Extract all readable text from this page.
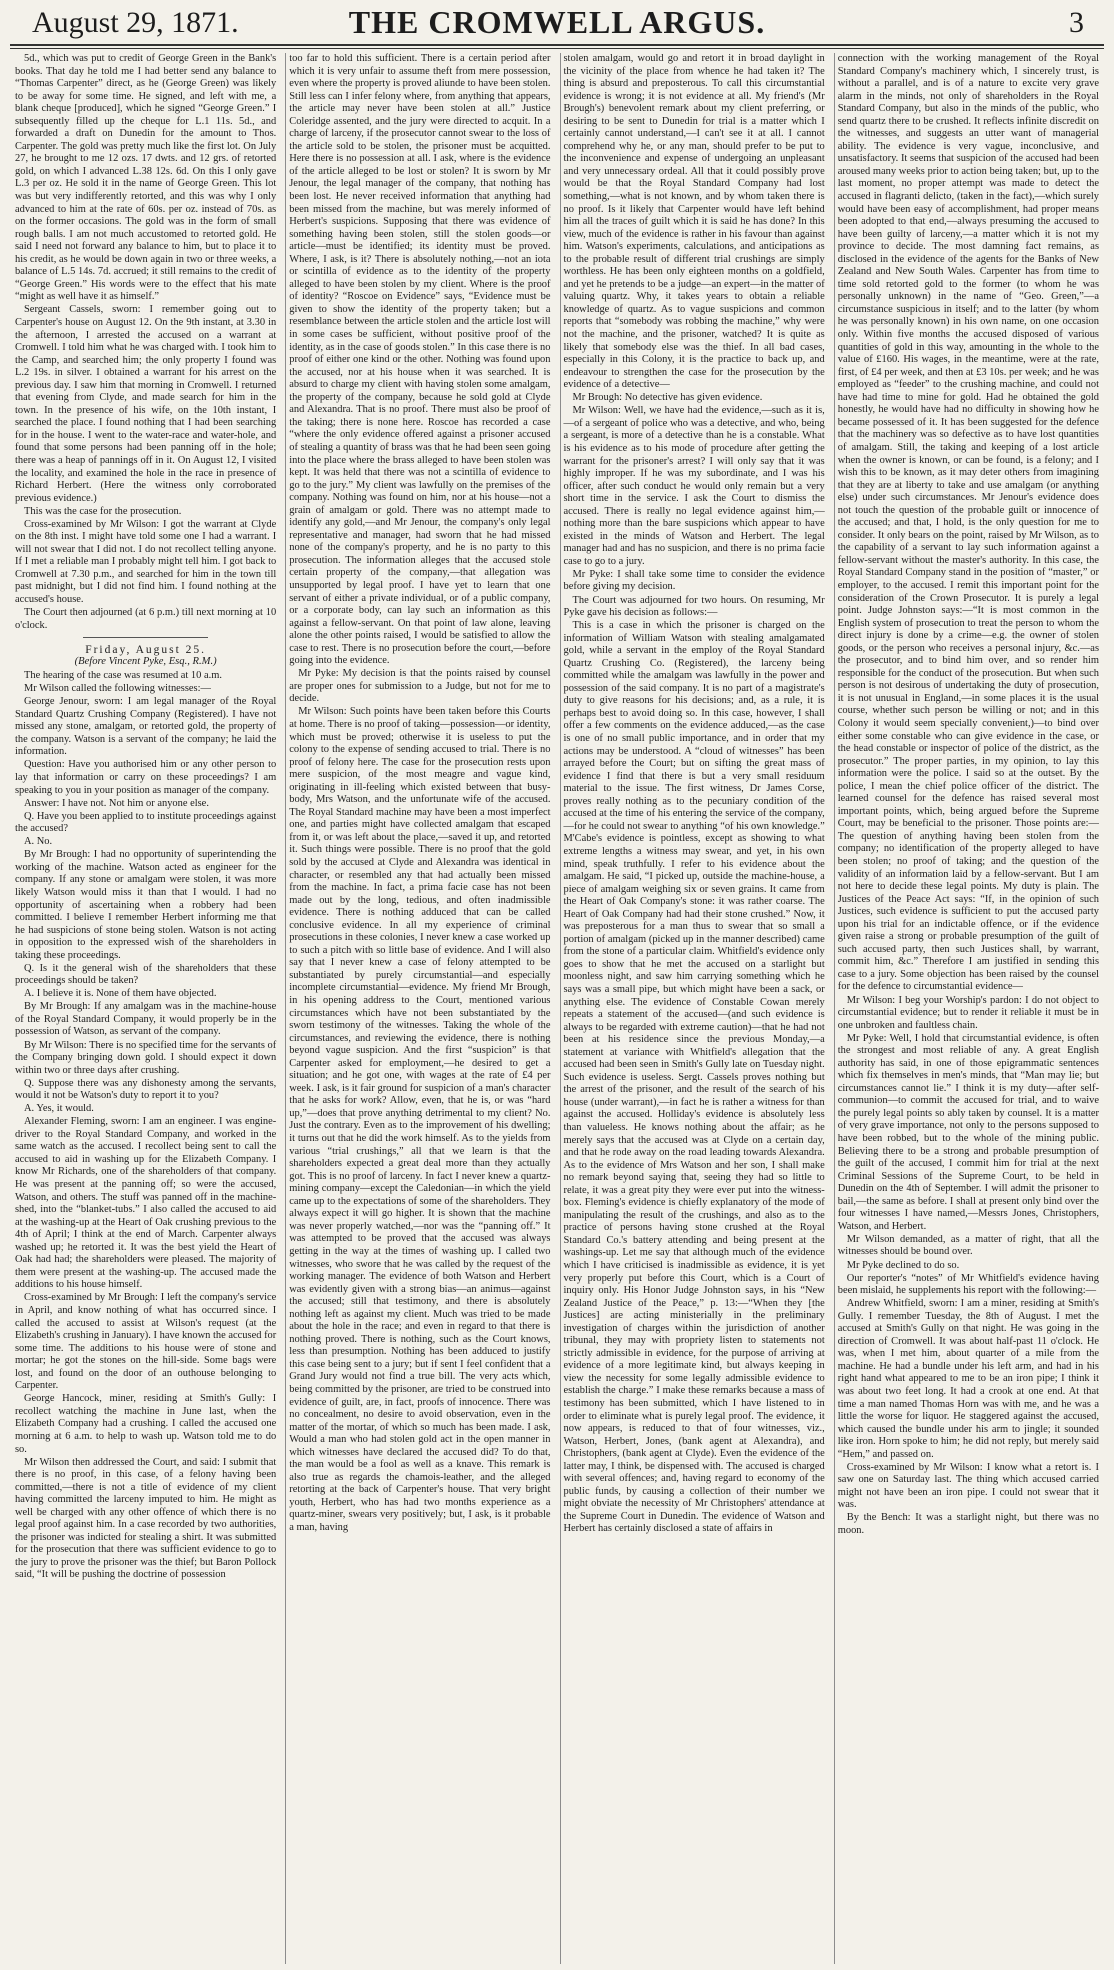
August 29, 1871.	THE CROMWELL ARGUS.	3

5d., which was put to credit of George Green in the Bank's books. That day he told me I had better send any balance to “Thomas Carpenter” direct, as he (George Green) was likely to be away for some time. He signed, and left with me, a blank cheque [produced], which he signed “George Green.” I subsequently filled up the cheque for L.1 11s. 5d., and forwarded a draft on Dunedin for the amount to Thos. Carpenter. The gold was pretty much like the first lot. On July 27, he brought to me 12 ozs. 17 dwts. and 12 grs. of retorted gold, on which I advanced L.38 12s. 6d. On this I only gave L.3 per oz. He sold it in the name of George Green. This lot was but very indifferently retorted, and this was why I only advanced to him at the rate of 60s. per oz. instead of 70s. as on the former occasions. The gold was in the form of small rough balls. I am not much accustomed to retorted gold. He said I need not forward any balance to him, but to place it to his credit, as he would be down again in two or three weeks, a balance of L.5 14s. 7d. accrued; it still remains to the credit of “George Green.” His words were to the effect that his mate “might as well have it as himself.”

Sergeant Cassels, sworn: I remember going out to Carpenter's house on August 12. On the 9th instant, at 3.30 in the afternoon, I arrested the accused on a warrant at Cromwell. I told him what he was charged with. I took him to the Camp, and searched him; the only property I found was L.2 19s. in silver. I obtained a warrant for his arrest on the previous day. I saw him that morning in Cromwell. I returned that evening from Clyde, and made search for him in the town. In the presence of his wife, on the 10th instant, I searched the place. I found nothing that I had been searching for in the house. I went to the water-race and water-hole, and found that some persons had been panning off in the hole; there was a heap of pannings off in it. On August 12, I visited the locality, and examined the hole in the race in presence of Richard Herbert. (Here the witness only corroborated previous evidence.)

This was the case for the prosecution.

Cross-examined by Mr Wilson: I got the warrant at Clyde on the 8th inst. I might have told some one I had a warrant. I will not swear that I did not. I do not recollect telling anyone. If I met a reliable man I probably might tell him. I got back to Cromwell at 7.30 p.m., and searched for him in the town till past midnight, but I did not find him. I found nothing at the accused's house.

The Court then adjourned (at 6 p.m.) till next morning at 10 o'clock.

Friday, August 25.
(Before Vincent Pyke, Esq., R.M.)

The hearing of the case was resumed at 10 a.m.

Mr Wilson called the following witnesses:—

George Jenour, sworn: I am legal manager of the Royal Standard Quartz Crushing Company (Registered). I have not missed any stone, amalgam, or retorted gold, the property of the company. Watson is a servant of the company; he laid the information.

Question: Have you authorised him or any other person to lay that information or carry on these proceedings? I am speaking to you in your position as manager of the company.

Answer: I have not. Not him or anyone else.

Q. Have you been applied to to institute proceedings against the accused?

A. No.

By Mr Brough: I had no opportunity of superintending the working of the machine. Watson acted as engineer for the company. If any stone or amalgam were stolen, it was more likely Watson would miss it than that I would. I had no opportunity of ascertaining when a robbery had been committed. I believe I remember Herbert informing me that he had suspicions of stone being stolen. Watson is not acting in opposition to the expressed wish of the shareholders in taking these proceedings.

Q. Is it the general wish of the shareholders that these proceedings should be taken?

A. I believe it is. None of them have objected.

By Mr Brough: If any amalgam was in the machine-house of the Royal Standard Company, it would properly be in the possession of Watson, as servant of the company.

By Mr Wilson: There is no specified time for the servants of the Company bringing down gold. I should expect it down within two or three days after crushing.

Q. Suppose there was any dishonesty among the servants, would it not be Watson's duty to report it to you?

A. Yes, it would.

Alexander Fleming, sworn: I am an engineer. I was engine-driver to the Royal Standard Company, and worked in the same watch as the accused. I recollect being sent to call the accused to aid in washing up for the Elizabeth Company. I know Mr Richards, one of the shareholders of that company. He was present at the panning off; so were the accused, Watson, and others. The stuff was panned off in the machine-shed, into the “blanket-tubs.” I also called the accused to aid at the washing-up at the Heart of Oak crushing previous to the 4th of April; I think at the end of March. Carpenter always washed up; he retorted it. It was the best yield the Heart of Oak had had; the shareholders were pleased. The majority of them were present at the washing-up. The accused made the additions to his house himself.

Cross-examined by Mr Brough: I left the company's service in April, and know nothing of what has occurred since. I called the accused to assist at Wilson's request (at the Elizabeth's crushing in January). I have known the accused for some time. The additions to his house were of stone and mortar; he got the stones on the hill-side. Some bags were lost, and found on the door of an outhouse belonging to Carpenter.

George Hancock, miner, residing at Smith's Gully: I recollect watching the machine in June last, when the Elizabeth Company had a crushing. I called the accused one morning at 6 a.m. to help to wash up. Watson told me to do so.

Mr Wilson then addressed the Court, and said: I submit that there is no proof, in this case, of a felony having been committed,—there is not a title of evidence of my client having committed the larceny imputed to him. He might as well be charged with any other offence of which there is no legal proof against him. In a case recorded by two authorities, the prisoner was indicted for stealing a shirt. It was submitted for the prosecution that there was sufficient evidence to go to the jury to prove the prisoner was the thief; but Baron Pollock said, “It will be pushing the doctrine of possession

too far to hold this sufficient. There is a certain period after which it is very unfair to assume theft from mere possession, even where the property is proved aliunde to have been stolen. Still less can I infer felony where, from anything that appears, the article may never have been stolen at all.” Justice Coleridge assented, and the jury were directed to acquit. In a charge of larceny, if the prosecutor cannot swear to the loss of the article sold to be stolen, the prisoner must be acquitted. Here there is no possession at all. I ask, where is the evidence of the article alleged to be lost or stolen? It is sworn by Mr Jenour, the legal manager of the company, that nothing has been lost. He never received information that anything had been missed from the machine, but was merely informed of Herbert's suspicions. Supposing that there was evidence of something having been stolen, still the stolen goods—or article—must be identified; its identity must be proved. Where, I ask, is it? There is absolutely nothing,—not an iota or scintilla of evidence as to the identity of the property alleged to have been stolen by my client. Where is the proof of identity? “Roscoe on Evidence” says, “Evidence must be given to show the identity of the property taken; but a resemblance between the article stolen and the article lost will in some cases be sufficient, without positive proof of the identity, as in the case of goods stolen.” In this case there is no proof of either one kind or the other. Nothing was found upon the accused, nor at his house when it was searched. It is absurd to charge my client with having stolen some amalgam, the property of the company, because he sold gold at Clyde and Alexandra. That is no proof. There must also be proof of the taking; there is none here. Roscoe has recorded a case “where the only evidence offered against a prisoner accused of stealing a quantity of brass was that he had been seen going into the place where the brass alleged to have been stolen was kept. It was held that there was not a scintilla of evidence to go to the jury.” My client was lawfully on the premises of the company. Nothing was found on him, nor at his house—not a grain of amalgam or gold. There was no attempt made to identify any gold,—and Mr Jenour, the company's only legal representative and manager, had sworn that he had missed none of the company's property, and he is no party to this prosecution. The information alleges that the accused stole certain property of the company,—that allegation was unsupported by legal proof. I have yet to learn that one servant of either a private individual, or of a public company, or a corporate body, can lay such an information as this against a fellow-servant. On that point of law alone, leaving alone the other points raised, I would be satisfied to allow the case to rest. There is no prosecution before the court,—before going into the evidence.

Mr Pyke: My decision is that the points raised by counsel are proper ones for submission to a Judge, but not for me to decide.

Mr Wilson: Such points have been taken before this Courts at home. There is no proof of taking—possession—or identity, which must be proved; otherwise it is useless to put the colony to the expense of sending accused to trial. There is no proof of felony here. The case for the prosecution rests upon mere suspicion, of the most meagre and vague kind, originating in ill-feeling which existed between that busy-body, Mrs Watson, and the unfortunate wife of the accused. The Royal Standard machine may have been a most imperfect one, and parties might have collected amalgam that escaped from it, or was left about the place,—saved it up, and retorted it. Such things were possible. There is no proof that the gold sold by the accused at Clyde and Alexandra was identical in character, or resembled any that had actually been missed from the machine. In fact, a prima facie case has not been made out by the long, tedious, and often inadmissible evidence. There is nothing adduced that can be called conclusive evidence. In all my experience of criminal prosecutions in these colonies, I never knew a case worked up to such a pitch with so little base of evidence. And I will also say that I never knew a case of felony attempted to be substantiated by purely circumstantial—and especially incomplete circumstantial—evidence. My friend Mr Brough, in his opening address to the Court, mentioned various circumstances which have not been substantiated by the sworn testimony of the witnesses. Taking the whole of the circumstances, and reviewing the evidence, there is nothing beyond vague suspicion. And the first “suspicion” is that Carpenter asked for employment,—he desired to get a situation; and he got one, with wages at the rate of £4 per week. I ask, is it fair ground for suspicion of a man's character that he asks for work? Allow, even, that he is, or was “hard up,”—does that prove anything detrimental to my client? No. Just the contrary. Even as to the improvement of his dwelling; it turns out that he did the work himself. As to the yields from various “trial crushings,” all that we learn is that the shareholders expected a great deal more than they actually got. This is no proof of larceny. In fact I never knew a quartz-mining company—except the Caledonian—in which the yield came up to the expectations of some of the shareholders. They always expect it will go higher. It is shown that the machine was never properly watched,—nor was the “panning off.” It was attempted to be proved that the accused was always getting in the way at the times of washing up. I called two witnesses, who swore that he was called by the request of the working manager. The evidence of both Watson and Herbert was evidently given with a strong bias—an animus—against the accused; still that testimony, and there is absolutely nothing left as against my client. Much was tried to be made about the hole in the race; and even in regard to that there is nothing proved. There is nothing, such as the Court knows, less than presumption. Nothing has been adduced to justify this case being sent to a jury; but if sent I feel confident that a Grand Jury would not find a true bill. The very acts which, being committed by the prisoner, are tried to be construed into evidence of guilt, are, in fact, proofs of innocence. There was no concealment, no desire to avoid observation, even in the matter of the mortar, of which so much has been made. I ask, Would a man who had stolen gold act in the open manner in which witnesses have declared the accused did? To do that, the man would be a fool as well as a knave. This remark is also true as regards the chamois-leather, and the alleged retorting at the back of Carpenter's house. That very bright youth, Herbert, who has had two months experience as a quartz-miner, swears very positively; but, I ask, is it probable a man, having

stolen amalgam, would go and retort it in broad daylight in the vicinity of the place from whence he had taken it? The thing is absurd and preposterous. To call this circumstantial evidence is wrong; it is not evidence at all. My friend's (Mr Brough's) benevolent remark about my client preferring, or desiring to be sent to Dunedin for trial is a matter which I certainly cannot understand,—I can't see it at all. I cannot comprehend why he, or any man, should prefer to be put to the inconvenience and expense of undergoing an unpleasant and very unnecessary ordeal. All that it could possibly prove would be that the Royal Standard Company had lost something,—what is not known, and by whom taken there is no proof. Is it likely that Carpenter would have left behind him all the traces of guilt which it is said he has done? In this view, much of the evidence is rather in his favour than against him. Watson's experiments, calculations, and anticipations as to the probable result of different trial crushings are simply worthless. He has been only eighteen months on a goldfield, and yet he pretends to be a judge—an expert—in the matter of valuing quartz. Why, it takes years to obtain a reliable knowledge of quartz. As to vague suspicions and common reports that “somebody was robbing the machine,” why were not the machine, and the prisoner, watched? It is quite as likely that somebody else was the thief. In all bad cases, especially in this Colony, it is the practice to back up, and endeavour to strengthen the case for the prosecution by the evidence of a detective—

Mr Brough: No detective has given evidence.

Mr Wilson: Well, we have had the evidence,—such as it is,—of a sergeant of police who was a detective, and who, being a sergeant, is more of a detective than he is a constable. What is his evidence as to his mode of procedure after getting the warrant for the prisoner's arrest? I will only say that it was highly improper. If he was my subordinate, and I was his officer, after such conduct he would only remain but a very short time in the service. I ask the Court to dismiss the accused. There is really no legal evidence against him,—nothing more than the bare suspicions which appear to have existed in the minds of Watson and Herbert. The legal manager had and has no suspicion, and there is no prima facie case to go to a jury.

Mr Pyke: I shall take some time to consider the evidence before giving my decision.

The Court was adjourned for two hours. On resuming, Mr Pyke gave his decision as follows:—

This is a case in which the prisoner is charged on the information of William Watson with stealing amalgamated gold, while a servant in the employ of the Royal Standard Quartz Crushing Co. (Registered), the larceny being committed while the amalgam was lawfully in the power and possession of the said company. It is no part of a magistrate's duty to give reasons for his decisions; and, as a rule, it is perhaps best to avoid doing so. In this case, however, I shall offer a few comments on the evidence adduced,—as the case is one of no small public importance, and in order that my actions may be understood. A “cloud of witnesses” has been arrayed before the Court; but on sifting the great mass of evidence I find that there is but a very small residuum material to the issue. The first witness, Dr James Corse, proves really nothing as to the pecuniary condition of the accused at the time of his entering the service of the company,—for he could not swear to anything “of his own knowledge.” M'Cabe's evidence is pointless, except as showing to what extreme lengths a witness may swear, and yet, in his own mind, speak truthfully. I refer to his evidence about the amalgam. He said, “I picked up, outside the machine-house, a piece of amalgam weighing six or seven grains. It came from the Heart of Oak Company's stone: it was rather coarse. The Heart of Oak Company had had their stone crushed.” Now, it was preposterous for a man thus to swear that so small a portion of amalgam (picked up in the manner described) came from the stone of a particular claim. Whitfield's evidence only goes to show that he met the accused on a starlight but moonless night, and saw him carrying something which he says was a small pipe, but which might have been a sack, or anything else. The evidence of Constable Cowan merely repeats a statement of the accused—(and such evidence is always to be regarded with extreme caution)—that he had not been at his residence since the previous Monday,—a statement at variance with Whitfield's allegation that the accused had been seen in Smith's Gully late on Tuesday night. Such evidence is useless. Sergt. Cassels proves nothing but the arrest of the prisoner, and the result of the search of his house (under warrant),—in fact he is rather a witness for than against the accused. Holliday's evidence is absolutely less than valueless. He knows nothing about the affair; as he merely says that the accused was at Clyde on a certain day, and that he rode away on the road leading towards Alexandra. As to the evidence of Mrs Watson and her son, I shall make no remark beyond saying that, seeing they had so little to relate, it was a great pity they were ever put into the witness-box. Fleming's evidence is chiefly explanatory of the mode of manipulating the result of the crushings, and also as to the practice of persons having stone crushed at the Royal Standard Co.'s battery attending and being present at the washings-up. Let me say that although much of the evidence which I have criticised is inadmissible as evidence, it is yet very properly put before this Court, which is a Court of inquiry only. His Honor Judge Johnston says, in his “New Zealand Justice of the Peace,” p. 13:—“When they [the Justices] are acting ministerially in the preliminary investigation of charges within the jurisdiction of another tribunal, they may with propriety listen to statements not strictly admissible in evidence, for the purpose of arriving at evidence of a more legitimate kind, but always keeping in view the necessity for some legally admissible evidence to establish the charge.” I make these remarks because a mass of testimony has been submitted, which I have listened to in order to eliminate what is purely legal proof. The evidence, it now appears, is reduced to that of four witnesses, viz., Watson, Herbert, Jones, (bank agent at Alexandra), and Christophers, (bank agent at Clyde). Even the evidence of the latter may, I think, be dispensed with. The accused is charged with several offences; and, having regard to economy of the public funds, by causing a collection of their number we might obviate the necessity of Mr Christophers' attendance at the Supreme Court in Dunedin. The evidence of Watson and Herbert has certainly disclosed a state of affairs in

connection with the working management of the Royal Standard Company's machinery which, I sincerely trust, is without a parallel, and is of a nature to excite very grave alarm in the minds, not only of shareholders in the Royal Standard Company, but also in the minds of the public, who send quartz there to be crushed. It reflects infinite discredit on the witnesses, and suggests an utter want of managerial ability. The evidence is very vague, inconclusive, and unsatisfactory. It seems that suspicion of the accused had been aroused many weeks prior to action being taken; but, up to the last moment, no proper attempt was made to detect the accused in flagranti delicto, (taken in the fact),—which surely would have been easy of accomplishment, had proper means been adopted to that end,—always presuming the accused to have been guilty of larceny,—a matter which it is not my province to decide. The most damning fact remains, as disclosed in the evidence of the agents for the Banks of New Zealand and New South Wales. Carpenter has from time to time sold retorted gold to the former (to whom he was personally unknown) in the name of “Geo. Green,”—a circumstance suspicious in itself; and to the latter (by whom he was personally known) in his own name, on one occasion only. Within five months the accused disposed of various quantities of gold in this way, amounting in the whole to the value of £160. His wages, in the meantime, were at the rate, first, of £4 per week, and then at £3 10s. per week; and he was employed as “feeder” to the crushing machine, and could not have had time to mine for gold. Had he obtained the gold honestly, he would have had no difficulty in showing how he became possessed of it. It has been suggested for the defence that the machinery was so defective as to have lost quantities of amalgam. Still, the taking and keeping of a lost article when the owner is known, or can be found, is a felony; and I wish this to be known, as it may deter others from imagining that they are at liberty to take and use amalgam (or anything else) under such circumstances. Mr Jenour's evidence does not touch the question of the probable guilt or innocence of the accused; and that, I hold, is the only question for me to consider. It only bears on the point, raised by Mr Wilson, as to the capability of a servant to lay such information against a fellow-servant without the master's authority. In this case, the Royal Standard Company stand in the position of “master,” or employer, to the accused. I remit this important point for the consideration of the Crown Prosecutor. It is purely a legal point. Judge Johnston says:—“It is most common in the English system of prosecution to treat the person to whom the direct injury is done by a crime—e.g. the owner of stolen goods, or the person who receives a personal injury, &c.—as the prosecutor, and to bind him over, and so render him responsible for the conduct of the prosecution. But when such person is not desirous of undertaking the duty of prosecution, it is not unusual in England,—in some places it is the usual course, whether such person be willing or not; and in this Colony it would seem specially convenient,)—to bind over either some constable who can give evidence in the case, or the head constable or inspector of police of the district, as the prosecutor.” The proper parties, in my opinion, to lay this information were the police. I said so at the outset. By the police, I mean the chief police officer of the district. The learned counsel for the defence has raised several most important points, which, being argued before the Supreme Court, may be beneficial to the prisoner. Those points are:—The question of anything having been stolen from the company; no identification of the property alleged to have been stolen; no proof of taking; and the question of the validity of an information laid by a fellow-servant. But I am not here to decide these legal points. My duty is plain. The Justices of the Peace Act says: “If, in the opinion of such Justices, such evidence is sufficient to put the accused party upon his trial for an indictable offence, or if the evidence given raise a strong or probable presumption of the guilt of such accused party, then such Justices shall, by warrant, commit him, &c.” Therefore I am justified in sending this case to a jury. Some objection has been raised by the counsel for the defence to circumstantial evidence—

Mr Wilson: I beg your Worship's pardon: I do not object to circumstantial evidence; but to render it reliable it must be in one unbroken and faultless chain.

Mr Pyke: Well, I hold that circumstantial evidence, is often the strongest and most reliable of any. A great English authority has said, in one of those epigrammatic sentences which fix themselves in men's minds, that “Man may lie; but circumstances cannot lie.” I think it is my duty—after self-communion—to commit the accused for trial, and to waive the purely legal points so ably taken by counsel. It is a matter of very grave importance, not only to the persons supposed to have been robbed, but to the whole of the mining public. Believing there to be a strong and probable presumption of the guilt of the accused, I commit him for trial at the next Criminal Sessions of the Supreme Court, to be held in Dunedin on the 4th of September. I will admit the prisoner to bail,—the same as before. I shall at present only bind over the four witnesses I have named,—Messrs Jones, Christophers, Watson, and Herbert.

Mr Wilson demanded, as a matter of right, that all the witnesses should be bound over.

Mr Pyke declined to do so.

Our reporter's “notes” of Mr Whitfield's evidence having been mislaid, he supplements his report with the following:—

Andrew Whitfield, sworn: I am a miner, residing at Smith's Gully. I remember Tuesday, the 8th of August. I met the accused at Smith's Gully on that night. He was going in the direction of Cromwell. It was about half-past 11 o'clock. He was, when I met him, about quarter of a mile from the machine. He had a bundle under his left arm, and had in his right hand what appeared to me to be an iron pipe; I think it was about two feet long. It had a crook at one end. At that time a man named Thomas Horn was with me, and he was a little the worse for liquor. He staggered against the accused, which caused the bundle under his arm to jingle; it sounded like iron. Horn spoke to him; he did not reply, but merely said “Hem,” and passed on.

Cross-examined by Mr Wilson: I know what a retort is. I saw one on Saturday last. The thing which accused carried might not have been an iron pipe. I could not swear that it was.

By the Bench: It was a starlight night, but there was no moon.
